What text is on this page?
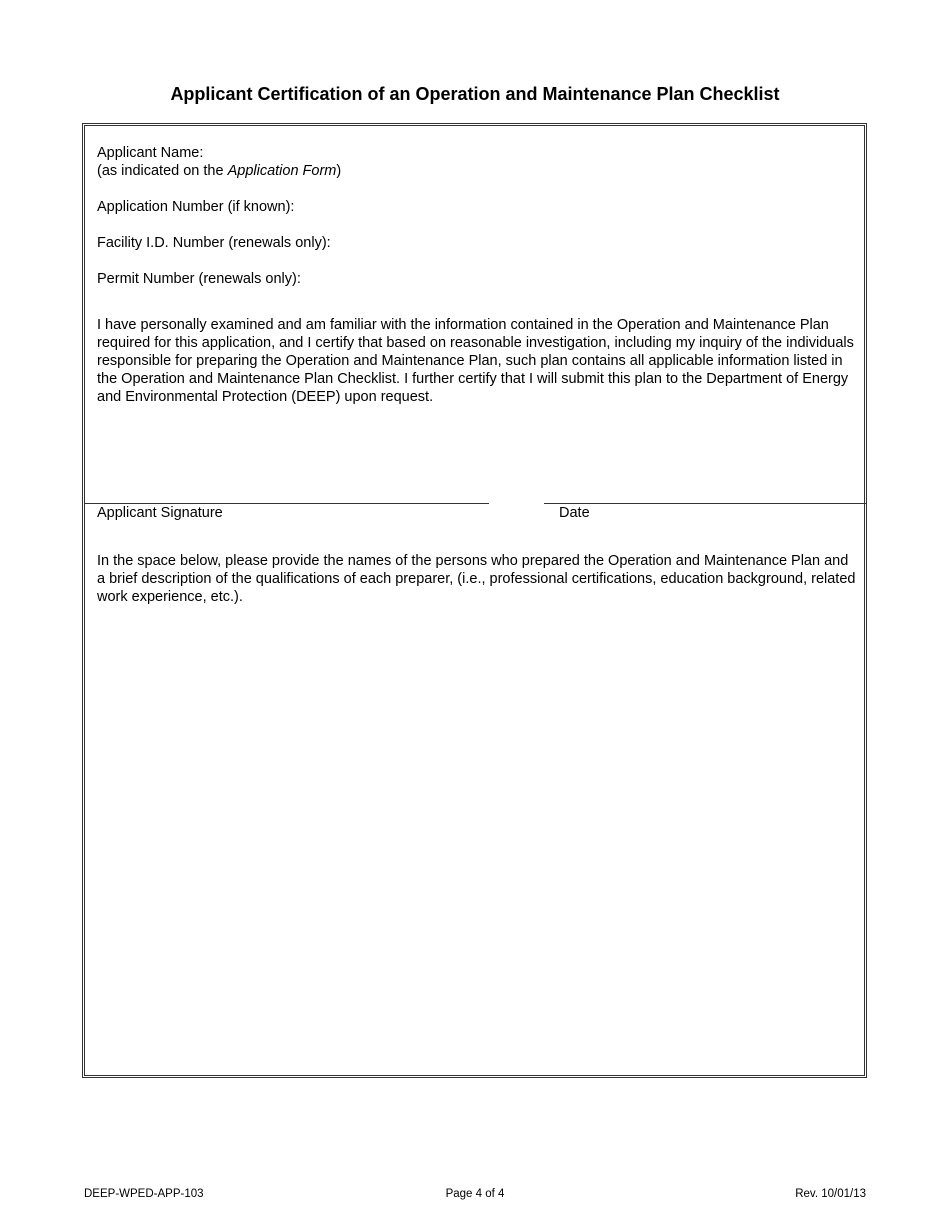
Applicant Certification of an Operation and Maintenance Plan Checklist
Applicant Name:
(as indicated on the Application Form)
Application Number (if known):
Facility I.D. Number (renewals only):
Permit Number (renewals only):
I have personally examined and am familiar with the information contained in the Operation and Maintenance Plan required for this application, and I certify that based on reasonable investigation, including my inquiry of the individuals responsible for preparing the Operation and Maintenance Plan, such plan contains all applicable information listed in the Operation and Maintenance Plan Checklist. I further certify that I will submit this plan to the Department of Energy and Environmental Protection (DEEP) upon request.
Applicant Signature	Date
In the space below, please provide the names of the persons who prepared the Operation and Maintenance Plan and a brief description of the qualifications of each preparer, (i.e., professional certifications, education background, related work experience, etc.).
DEEP-WPED-APP-103	Page 4 of 4	Rev. 10/01/13
